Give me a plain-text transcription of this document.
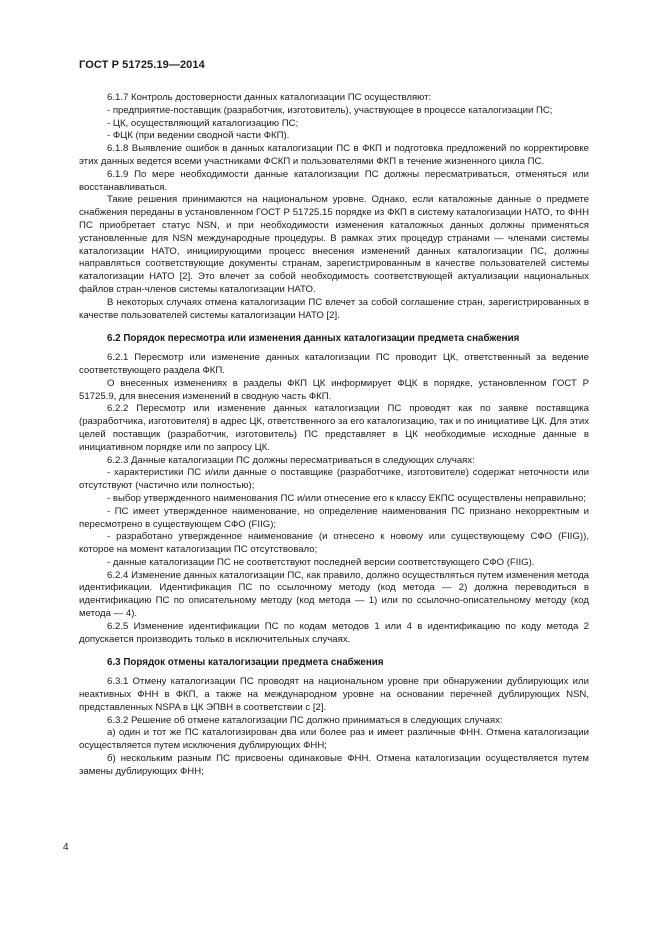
ГОСТ Р 51725.19—2014

6.1.7 Контроль достоверности данных каталогизации ПС осуществляют:

- предприятие-поставщик (разработчик, изготовитель), участвующее в процессе каталогизации ПС;

- ЦК, осуществляющий каталогизацию ПС;

- ФЦК (при ведении сводной части ФКП).

6.1.8 Выявление ошибок в данных каталогизации ПС в ФКП и подготовка предложений по корректировке этих данных ведется всеми участниками ФСКП и пользователями ФКП в течение жизненного цикла ПС.

6.1.9 По мере необходимости данные каталогизации ПС должны пересматриваться, отменяться или восстанавливаться.

Такие решения принимаются на национальном уровне. Однако, если каталожные данные о предмете снабжения переданы в установленном ГОСТ Р 51725.15 порядке из ФКП в систему каталогизации НАТО, то ФНН ПС приобретает статус NSN, и при необходимости изменения каталожных данных должны применяться установленные для NSN международные процедуры. В рамках этих процедур странами — членами системы каталогизации НАТО, инициирующими процесс внесения изменений данных каталогизации ПС, должны направляться соответствующие документы странам, зарегистрированным в качестве пользователей системы каталогизации НАТО [2]. Это влечет за собой необходимость соответствующей актуализации национальных файлов стран-членов системы каталогизации НАТО.

В некоторых случаях отмена каталогизации ПС влечет за собой соглашение стран, зарегистрированных в качестве пользователей системы каталогизации НАТО [2].

6.2 Порядок пересмотра или изменения данных каталогизации предмета снабжения

6.2.1 Пересмотр или изменение данных каталогизации ПС проводит ЦК, ответственный за ведение соответствующего раздела ФКП.

О внесенных изменениях в разделы ФКП ЦК информирует ФЦК в порядке, установленном ГОСТ Р 51725.9, для внесения изменений в сводную часть ФКП.

6.2.2 Пересмотр или изменение данных каталогизации ПС проводят как по заявке поставщика (разработчика, изготовителя) в адрес ЦК, ответственного за его каталогизацию, так и по инициативе ЦК. Для этих целей поставщик (разработчик, изготовитель) ПС представляет в ЦК необходимые исходные данные в инициативном порядке или по запросу ЦК.

6.2.3 Данные каталогизации ПС должны пересматриваться в следующих случаях:

- характеристики ПС и/или данные о поставщике (разработчике, изготовителе) содержат неточности или отсутствуют (частично или полностью);

- выбор утвержденного наименования ПС и/или отнесение его к классу ЕКПС осуществлены неправильно;

- ПС имеет утвержденное наименование, но определение наименования ПС признано некорректным и пересмотрено в существующем СФО (FIIG);

- разработано утвержденное наименование (и отнесено к новому или существующему СФО (FIIG)), которое на момент каталогизации ПС отсутствовало;

- данные каталогизации ПС не соответствуют последней версии соответствующего СФО (FIIG).

6.2.4 Изменение данных каталогизации ПС, как правило, должно осуществляться путем изменения метода идентификации. Идентификация ПС по ссылочному методу (код метода — 2) должна переводиться в идентификацию ПС по описательному методу (код метода — 1) или по ссылочно-описательному методу (код метода — 4).

6.2.5 Изменение идентификации ПС по кодам методов 1 или 4 в идентификацию по коду метода 2 допускается производить только в исключительных случаях.

6.3 Порядок отмены каталогизации предмета снабжения

6.3.1 Отмену каталогизации ПС проводят на национальном уровне при обнаружении дублирующих или неактивных ФНН в ФКП, а также на международном уровне на основании перечней дублирующих NSN, представленных NSPA в ЦК ЭПВН в соответствии с [2].

6.3.2 Решение об отмене каталогизации ПС должно приниматься в следующих случаях:

а) один и тот же ПС каталогизирован два или более раз и имеет различные ФНН. Отмена каталогизации осуществляется путем исключения дублирующих ФНН;

б) нескольким разным ПС присвоены одинаковые ФНН. Отмена каталогизации осуществляется путем замены дублирующих ФНН;

4
